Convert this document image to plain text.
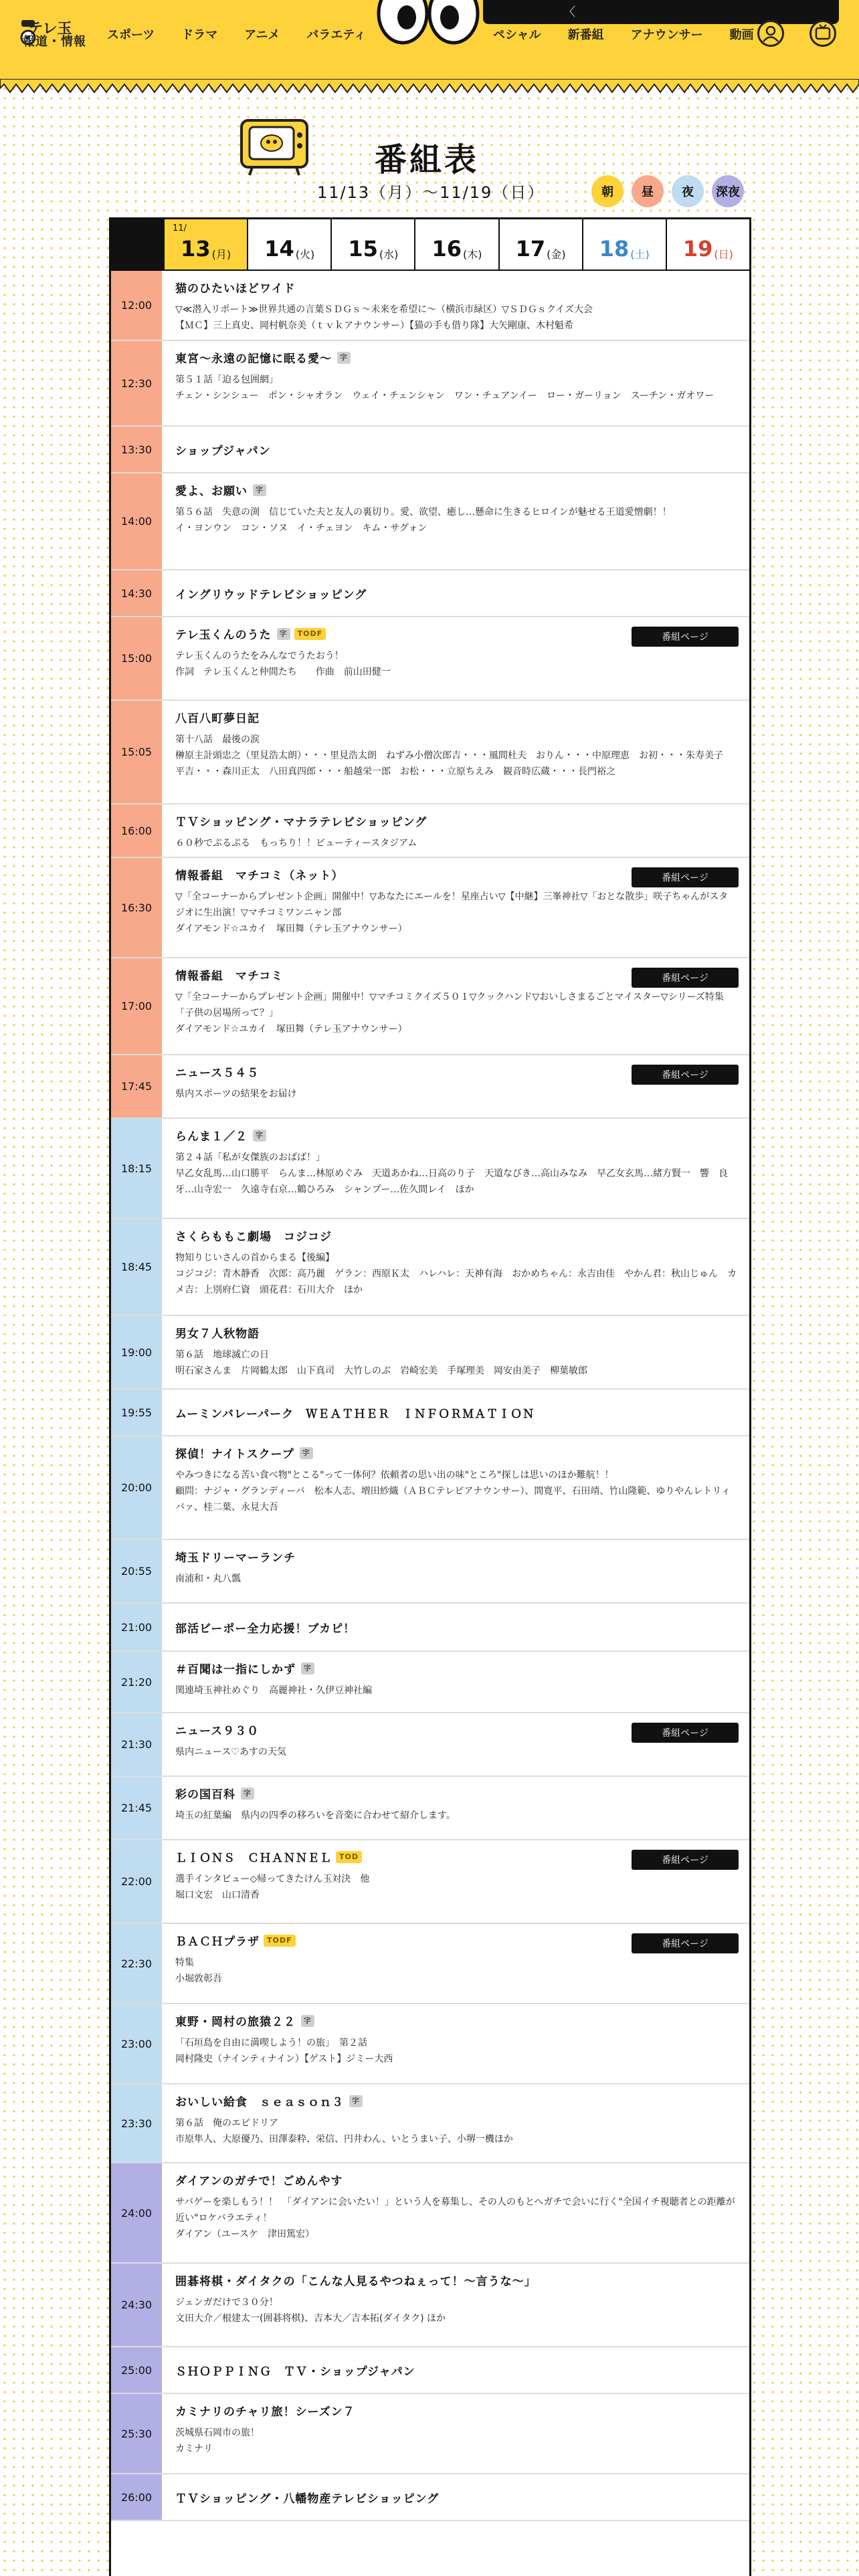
テレ玉
報道・情報 スポーツ ドラマ アニメ バラエティ	ペシャル 新番組 アナウンサー 動画
〈
番組表
11/13（月）～11/19（日）	朝	昼	夜	深夜
11/
13 (月) 14 (火) 15 (水) 16 (木) 17 (金) 18 (土) 19 (日)
12:00
猫のひたいほどワイド
▽≪潜入リポート≫世界共通の言葉ＳＤＧｓ～未来を希望に～（横浜市緑区）▽ＳＤＧｓクイズ大会
【ＭＣ】三上真史、岡村帆奈美（ｔｖｋアナウンサー）【猫の手も借り隊】大矢剛康、木村魁希
12:30
東宮～永遠の記憶に眠る愛～	字
第５１話「迫る包囲網」
チェン・シンシュー　ポン・シャオラン　ウェイ・チェンシャン　ワン・チュアンイー　ロー・ガーリョン　スーチン・ガオワー
13:30	ショップジャパン
14:00
愛よ、お願い	字
第５６話　失意の渕　信じていた夫と友人の裏切り。愛、欲望、癒し…懸命に生きるヒロインが魅せる王道愛憎劇！！
イ・ヨンウン　コン・ソヌ　イ・チェヨン　キム・サグォン
14:30	イングリウッドテレビショッピング
15:00
テレ玉くんのうた	字	TODF
テレ玉くんのうたをみんなでうたおう！
作詞　テレ玉くんと仲間たち　　作曲　前山田健一
番組ページ
15:05
八百八町夢日記
第十八話　最後の涙
榊原主計頭忠之（里見浩太朗）・・・里見浩太朗　ねずみ小僧次郎吉・・・風間杜夫　おりん・・・中原理恵　お初・・・朱寿美子　平吉・・・森川正太　八田真四郎・・・船越栄一郎　お松・・・立原ちえみ　観音時広蔵・・・長門裕之
16:00
ＴＶショッピング・マナラテレビショッピング
６０秒でぷるぷる　もっちり！！ビューティースタジアム
16:30
情報番組　マチコミ（ネット）
▽「全コーナーからプレゼント企画」開催中！▽あなたにエールを！星座占い▽【中継】三峯神社▽「おとな散歩」咲子ちゃんがスタジオに生出演！▽マチコミワンニャン部
ダイアモンド☆ユカイ　塚田舞（テレ玉アナウンサー）
番組ページ
17:00
情報番組　マチコミ
▽「全コーナーからプレゼント企画」開催中！▽マチコミクイズ５０１▽クックハンド▽おいしさまるごとマイスター▽シリーズ特集「子供の居場所って？」
ダイアモンド☆ユカイ　塚田舞（テレ玉アナウンサー）
番組ページ
17:45
ニュース５４５
県内スポーツの結果をお届け
番組ページ
18:15
らんま１／２	字
第２４話「私が女傑族のおばば！」
早乙女乱馬…山口勝平　らんま…林原めぐみ　天道あかね…日高のり子　天道なびき…高山みなみ　早乙女玄馬…緒方賢一　響　良牙…山寺宏一　久遠寺右京…鶴ひろみ　シャンプー…佐久間レイ　ほか
18:45
さくらももこ劇場　コジコジ
物知りじいさんの首からまる【後編】
コジコジ：青木静香　次郎：高乃麗　ゲラン：西原Ｋ太　ハレハレ：天神有海　おかめちゃん：永吉由佳　やかん君：秋山じゅん　カメ吉：上別府仁資　頭花君：石川大介　ほか
19:00
男女７人秋物語
第６話　地球滅亡の日
明石家さんま　片岡鶴太郎　山下真司　大竹しのぶ　岩崎宏美　手塚理美　岡安由美子　柳葉敏郎
19:55	ムーミンバレーパーク　ＷＥＡＴＨＥＲ　ＩＮＦＯＲＭＡＴＩＯＮ
20:00
探偵！ナイトスクープ	字
やみつきになる苦い食べ物"とこる"って一体何？依頼者の思い出の味"ところ"探しは思いのほか難航！！
顧問：ナジャ・グランディーバ　松本人志、増田紗織（ＡＢＣテレビアナウンサー）、間寛平、石田靖、竹山隆範、ゆりやんレトリィバァ、桂二葉、永見大吾
20:55
埼玉ドリーマーランチ
南浦和・丸八瓢
21:00	部活ビーポー全力応援！ブカピ！
21:20
＃百聞は一指にしかず	字
関連埼玉神社めぐり　高麗神社・久伊豆神社編
21:30
ニュース９３０
県内ニュース♡あすの天気
番組ページ
21:45
彩の国百科	字
埼玉の紅葉編　県内の四季の移ろいを音楽に合わせて紹介します。
22:00
ＬＩＯＮＳ　ＣＨＡＮＮＥＬ	TOD
選手インタビュー◇帰ってきたけん玉対決　他
堀口文宏　山口清香
番組ページ
22:30
ＢＡＣＨプラザ	TODF
特集
小堀敦彰吾
番組ページ
23:00
東野・岡村の旅猿２２	字
「石垣島を自由に満喫しよう！の旅」　第２話
岡村隆史（ナインティナイン）【ゲスト】ジミー大西
23:30
おいしい給食　ｓｅａｓｏｎ３	字
第６話　俺のエピドリア
市原隼人、大原優乃、田澤泰粋、栄信、円井わん、いとうまい子、小堺一機ほか
24:00
ダイアンのガチで！ごめんやす
サバゲーを楽しもう！！　「ダイアンに会いたい！」という人を募集し、その人のもとへガチで会いに行く"全国イチ視聴者との距離が近い"ロケバラエティ！
ダイアン（ユースケ　津田篤宏）
24:30
囲碁将棋・ダイタクの「こんな人見るやつねぇって！～言うな～」
ジェンガだけで３０分！
文田大介／根建太一(囲碁将棋)、吉本大／吉本拓(ダイタク) ほか
25:00	ＳＨＯＰＰＩＮＧ　ＴＶ・ショップジャパン
25:30
カミナリのチャリ旅！シーズン７
茨城県石岡市の旅！
カミナリ
26:00	ＴＶショッピング・八幡物産テレビショッピング
